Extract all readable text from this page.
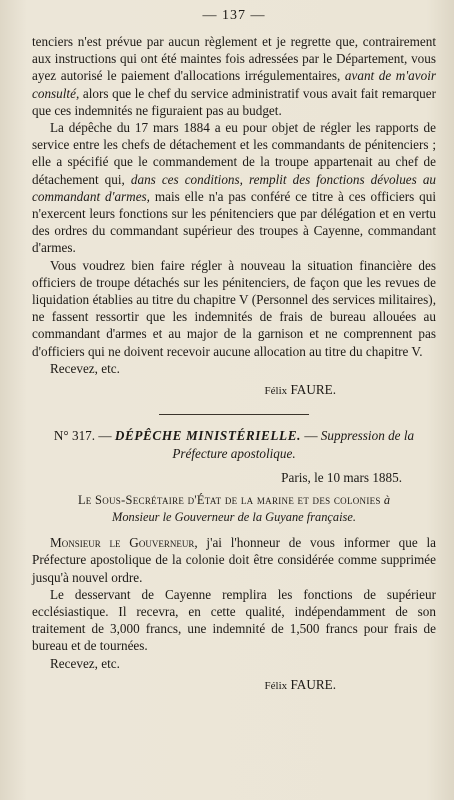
— 137 —

tenciers n'est prévue par aucun règlement et je regrette que, contrairement aux instructions qui ont été maintes fois adressées par le Département, vous ayez autorisé le paiement d'allocations irrégulementaires, avant de m'avoir consulté, alors que le chef du service administratif vous avait fait remarquer que ces indemnités ne figuraient pas au budget.

La dépêche du 17 mars 1884 a eu pour objet de régler les rapports de service entre les chefs de détachement et les commandants de pénitenciers ; elle a spécifié que le commandement de la troupe appartenait au chef de détachement qui, dans ces conditions, remplit des fonctions dévolues au commandant d'armes, mais elle n'a pas conféré ce titre à ces officiers qui n'exercent leurs fonctions sur les pénitenciers que par délégation et en vertu des ordres du commandant supérieur des troupes à Cayenne, commandant d'armes.

Vous voudrez bien faire régler à nouveau la situation financière des officiers de troupe détachés sur les pénitenciers, de façon que les revues de liquidation établies au titre du chapitre V (Personnel des services militaires), ne fassent ressortir que les indemnités de frais de bureau allouées au commandant d'armes et au major de la garnison et ne comprennent pas d'officiers qui ne doivent recevoir aucune allocation au titre du chapitre V.

Recevez, etc.

Félix FAURE.
N° 317. — DÉPÊCHE MINISTÉRIELLE. — Suppression de la Préfecture apostolique.
Paris, le 10 mars 1885.
Le Sous-Secrétaire d'État de la marine et des colonies à
Monsieur le Gouverneur de la Guyane française.

Monsieur le Gouverneur, j'ai l'honneur de vous informer que la Préfecture apostolique de la colonie doit être considérée comme supprimée jusqu'à nouvel ordre.

Le desservant de Cayenne remplira les fonctions de supérieur ecclésiastique. Il recevra, en cette qualité, indépendamment de son traitement de 3,000 francs, une indemnité de 1,500 francs pour frais de bureau et de tournées.

Recevez, etc.

Félix FAURE.
